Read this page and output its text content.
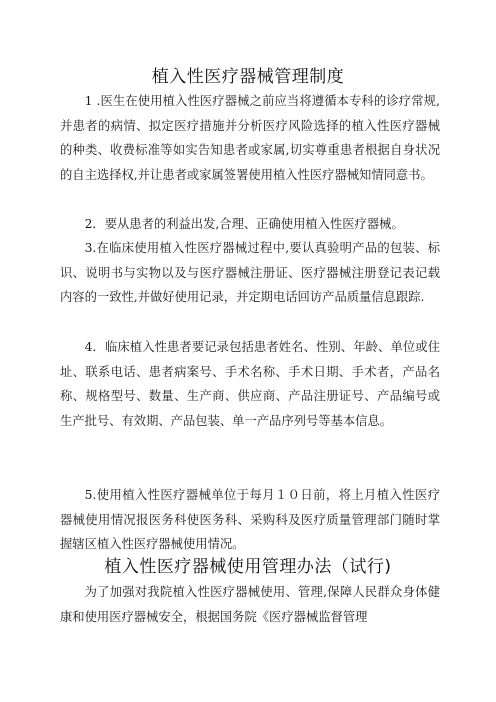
植入性医疗器械管理制度

1 .医生在使用植入性医疗器械之前应当将遵循本专科的诊疗常规,并患者的病情、拟定医疗措施并分析医疗风险选择的植入性医疗器械的种类、收费标准等如实告知患者或家属,切实尊重患者根据自身状况的自主选择权,并让患者或家属签署使用植入性医疗器械知情同意书。

2．要从患者的利益出发,合理、正确使用植入性医疗器械。

3.在临床使用植入性医疗器械过程中,要认真验明产品的包装、标识、说明书与实物以及与医疗器械注册证、医疗器械注册登记表记载内容的一致性,并做好使用记录，并定期电话回访产品质量信息跟踪.

4．临床植入性患者要记录包括患者姓名、性别、年龄、单位或住址、联系电话、患者病案号、手术名称、手术日期、手术者，产品名称、规格型号、数量、生产商、供应商、产品注册证号、产品编号或生产批号、有效期、产品包装、单一产品序列号等基本信息。

5.使用植入性医疗器械单位于每月１０日前，将上月植入性医疗器械使用情况报医务科使医务科、采购科及医疗质量管理部门随时掌握辖区植入性医疗器械使用情况。

植入性医疗器械使用管理办法（试行)

为了加强对我院植入性医疗器械使用、管理,保障人民群众身体健康和使用医疗器械安全，根据国务院《医疗器械监督管理
